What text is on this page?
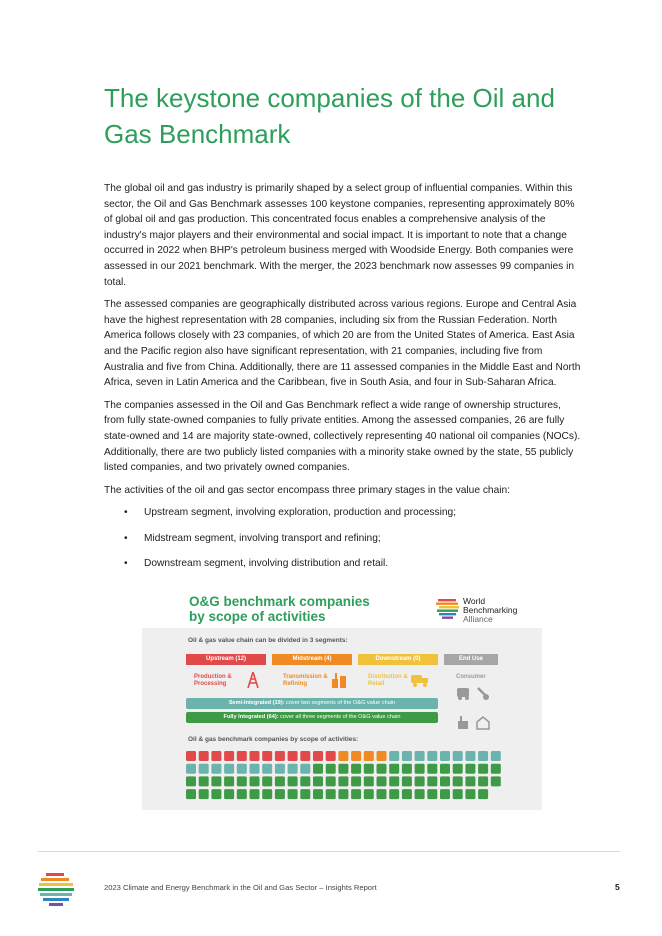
The keystone companies of the Oil and Gas Benchmark

The global oil and gas industry is primarily shaped by a select group of influential companies. Within this sector, the Oil and Gas Benchmark assesses 100 keystone companies, representing approximately 80% of global oil and gas production. This concentrated focus enables a comprehensive analysis of the industry's major players and their environmental and social impact. It is important to note that a change occurred in 2022 when BHP's petroleum business merged with Woodside Energy. Both companies were assessed in our 2021 benchmark. With the merger, the 2023 benchmark now assesses 99 companies in total.

The assessed companies are geographically distributed across various regions. Europe and Central Asia have the highest representation with 28 companies, including six from the Russian Federation. North America follows closely with 23 companies, of which 20 are from the United States of America. East Asia and the Pacific region also have significant representation, with 21 companies, including five from Australia and five from China. Additionally, there are 11 assessed companies in the Middle East and North Africa, seven in Latin America and the Caribbean, five in South Asia, and four in Sub-Saharan Africa.

The companies assessed in the Oil and Gas Benchmark reflect a wide range of ownership structures, from fully state-owned companies to fully private entities. Among the assessed companies, 26 are fully state-owned and 14 are majority state-owned, collectively representing 40 national oil companies (NOCs). Additionally, there are two publicly listed companies with a minority stake owned by the state, 55 publicly listed companies, and two privately owned companies.

The activities of the oil and gas sector encompass three primary stages in the value chain:

• Upstream segment, involving exploration, production and processing;
• Midstream segment, involving transport and refining;
• Downstream segment, involving distribution and retail.
O&G benchmark companies by scope of activities
World
Benchmarking
Alliance
Oil & gas value chain can be divided in 3 segments:
Upstream (12)	Midstream (4)	Downstream (0)	End Use
Production & Processing
Transmission & Refining
Distribution & Retail
Consumer
Semi-Integrated (19): cover two segments of the O&G value chain
Fully Integrated (64): cover all three segments of the O&G value chain
Oil & gas benchmark companies by scope of activities:
2023 Climate and Energy Benchmark in the Oil and Gas Sector – Insights Report	5
